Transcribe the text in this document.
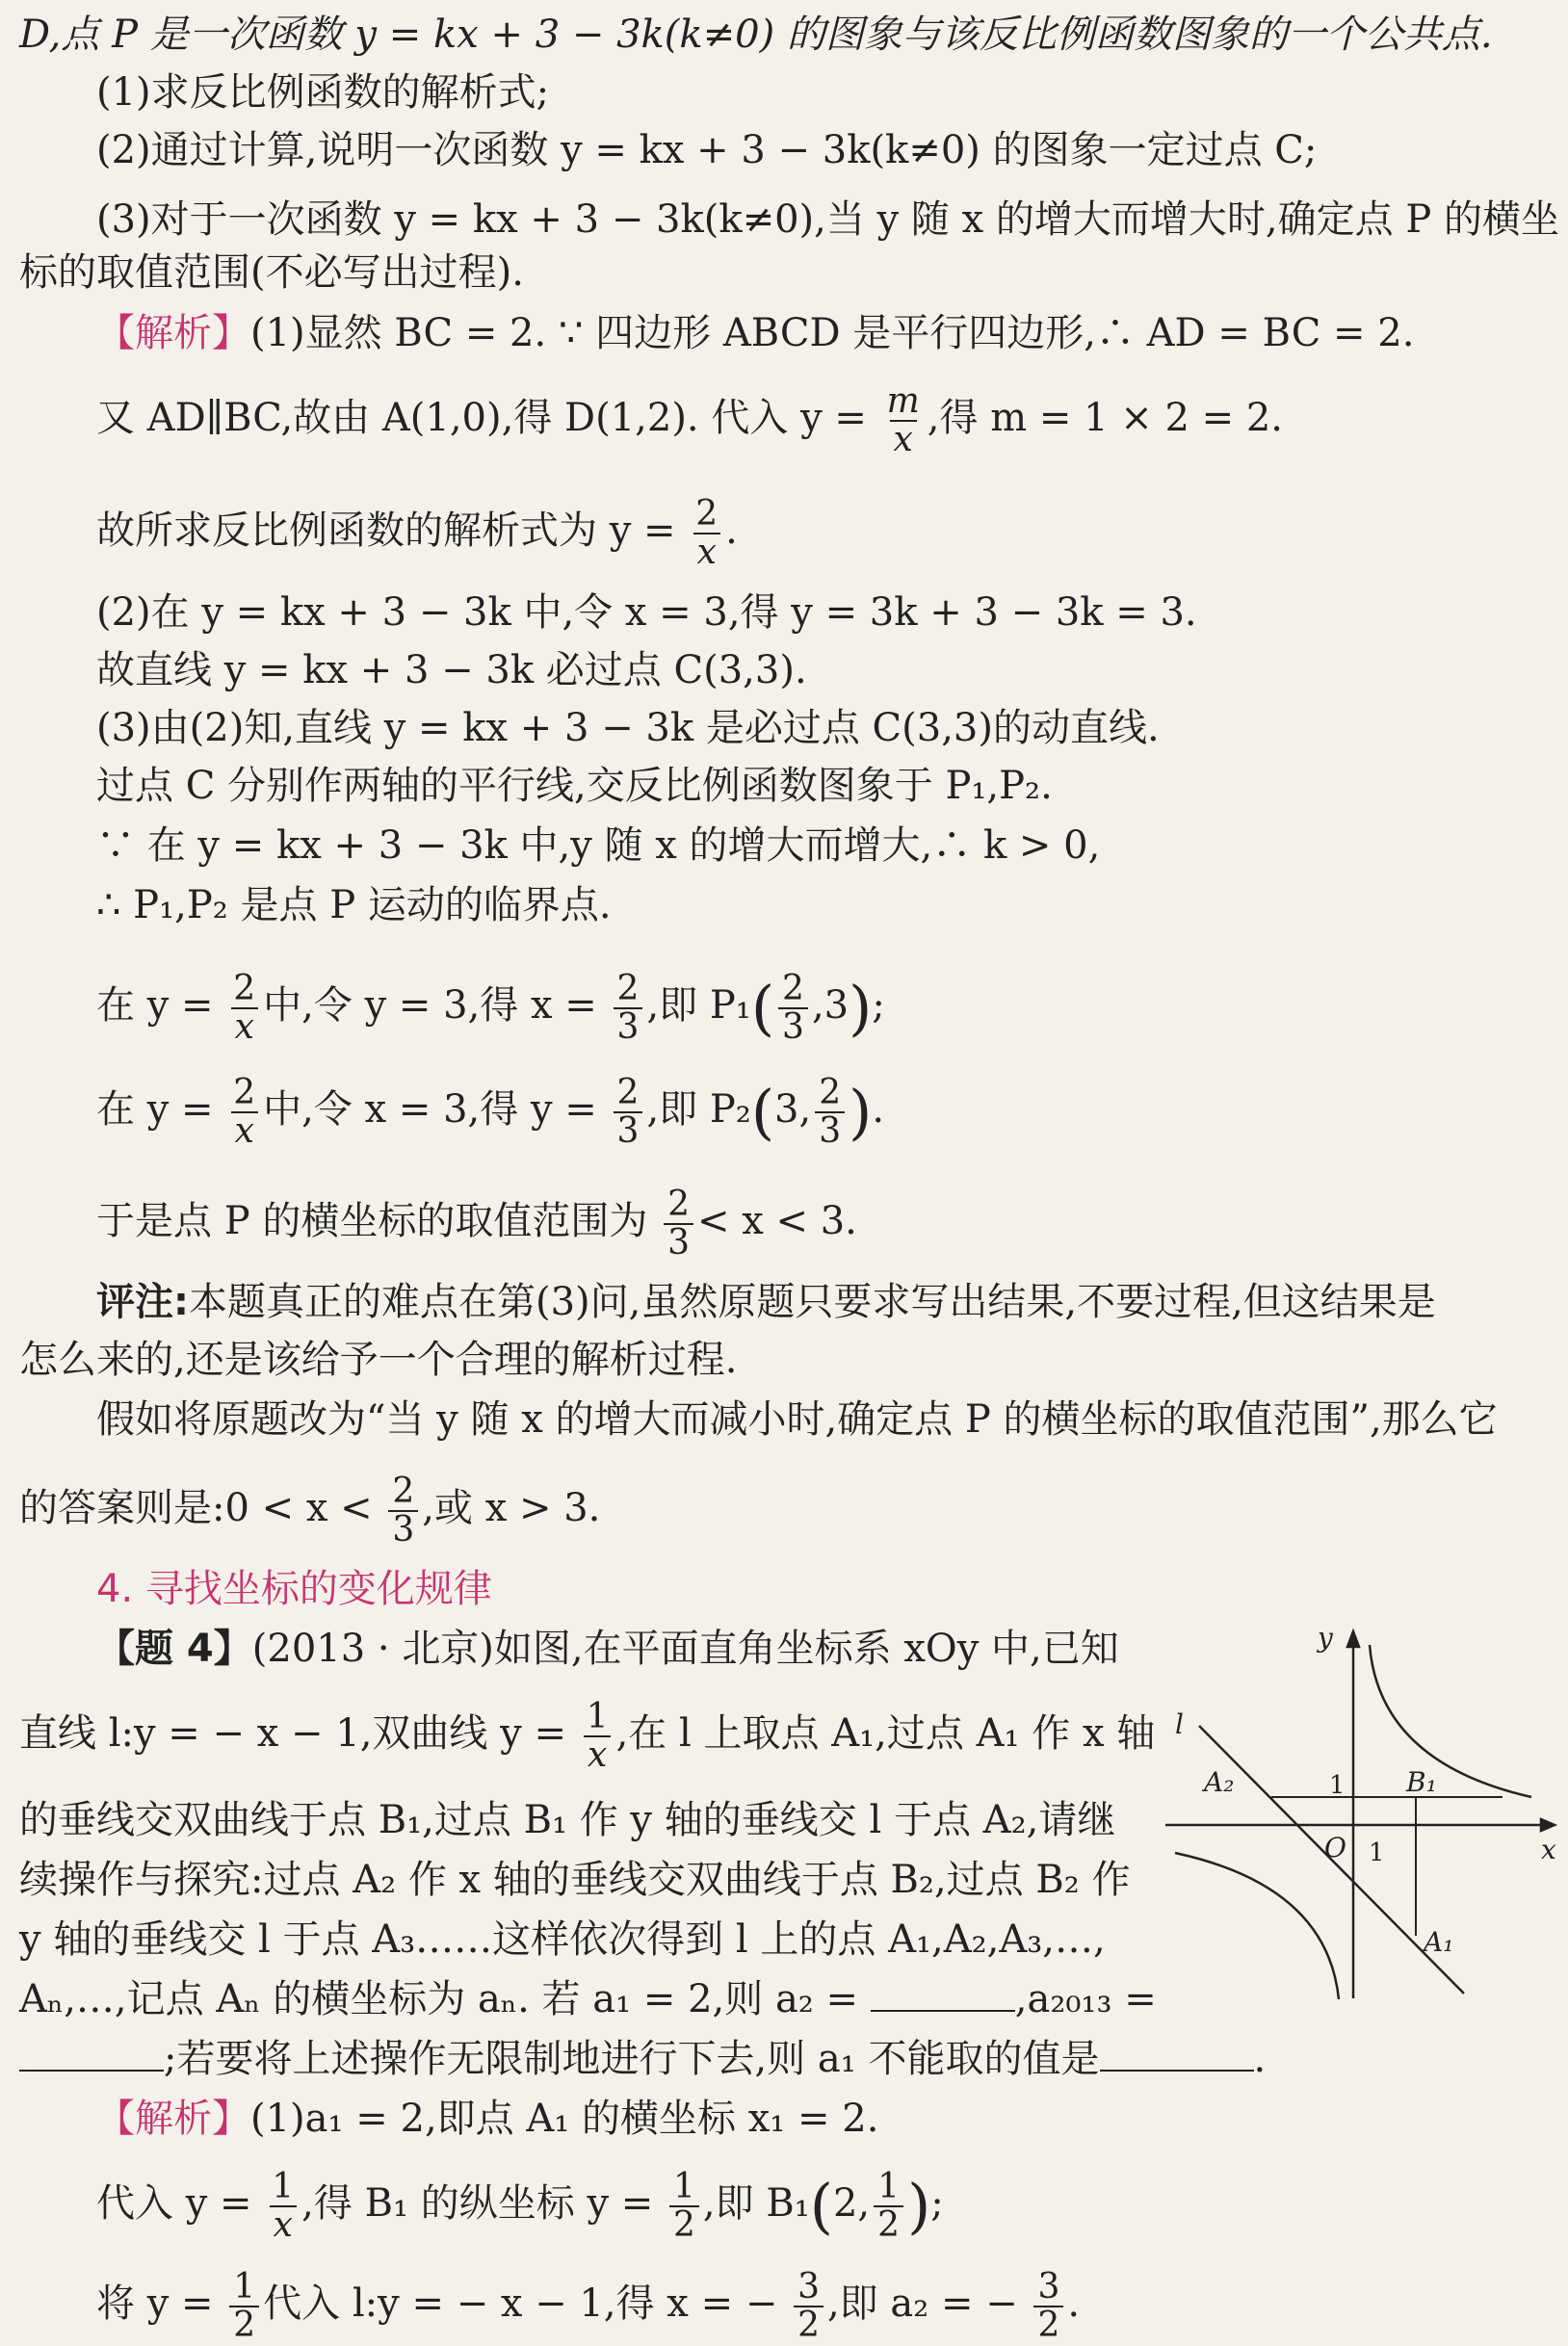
D,点 P 是一次函数 y = kx + 3 − 3k(k≠0) 的图象与该反比例函数图象的一个公共点.
(1)求反比例函数的解析式;
(2)通过计算,说明一次函数 y = kx + 3 − 3k(k≠0) 的图象一定过点 C;
(3)对于一次函数 y = kx + 3 − 3k(k≠0),当 y 随 x 的增大而增大时,确定点 P 的横坐
标的取值范围(不必写出过程).
【解析】(1)显然 BC = 2. ∵ 四边形 ABCD 是平行四边形,∴ AD = BC = 2.
又 AD∥BC,故由 A(1,0),得 D(1,2). 代入 $y = \frac{m}{x}$ ,得 m = 1 × 2 = 2.
故所求反比例函数的解析式为 $y = \frac{2}{x}$ .
(2)在 y = kx + 3 − 3k 中,令 x = 3,得 y = 3k + 3 − 3k = 3.
故直线 y = kx + 3 − 3k 必过点 C(3,3).
(3)由(2)知,直线 y = kx + 3 − 3k 是必过点 C(3,3)的动直线.
过点 C 分别作两轴的平行线,交反比例函数图象于 P₁,P₂.
∵ 在 y = kx + 3 − 3k 中,y 随 x 的增大而增大,∴ k > 0,
∴ P₁,P₂ 是点 P 运动的临界点.
在 $y = \frac{2}{x}$ 中,令 y = 3,得 $x = \frac{2}{3}$ ,即 $P_1( \frac{2}{3} ,3)$;
在 $y = \frac{2}{x}$ 中,令 x = 3,得 $y = \frac{2}{3}$ ,即 P₂(3, $\frac{2}{3}$ ).
于是点 P 的横坐标的取值范围为 $\frac{2}{3} < x < 3$.
评注:本题真正的难点在第(3)问,虽然原题只要求写出结果,不要过程,但这结果是
怎么来的,还是该给予一个合理的解析过程.
假如将原题改为“当 y 随 x 的增大而减小时,确定点 P 的横坐标的取值范围”,那么它
的答案则是:0 < $x < \frac{2}{3}$ ,或 x > 3.
4. 寻找坐标的变化规律
【题 4】(2013 · 北京)如图,在平面直角坐标系 xOy 中,已知
直线 l:y = − x − 1,双曲线 $y = \frac{1}{x}$ ,在 l 上取点 A₁,过点 A₁ 作 x 轴
的垂线交双曲线于点 B₁,过点 B₁ 作 y 轴的垂线交 l 于点 A₂,请继
续操作与探究:过点 A₂ 作 x 轴的垂线交双曲线于点 B₂,过点 B₂ 作
y 轴的垂线交 l 于点 A₃……这样依次得到 l 上的点 A₁,A₂,A₃,…,
Aₙ,…,记点 Aₙ 的横坐标为 aₙ. 若 a₁ = 2,则 a₂ =	,a₂₀₁₃ =
;若要将上述操作无限制地进行下去,则 a₁ 不能取的值是	.
【解析】(1)a₁ = 2,即点 A₁ 的横坐标 x₁ = 2.
代入 $y = \frac{1}{x}$ ,得 B₁ 的纵坐标 $y = \frac{1}{2}$ ,即 B₁(2, $\frac{1}{2}$ );
将 $y = \frac{1}{2}$ 代入 l:y = − x − 1,得 x = − $\frac{3}{2}$ ,即 a₂ = − $\frac{3}{2}$ .
y
x
O
l
A₂	B₁
A₁
1
1
